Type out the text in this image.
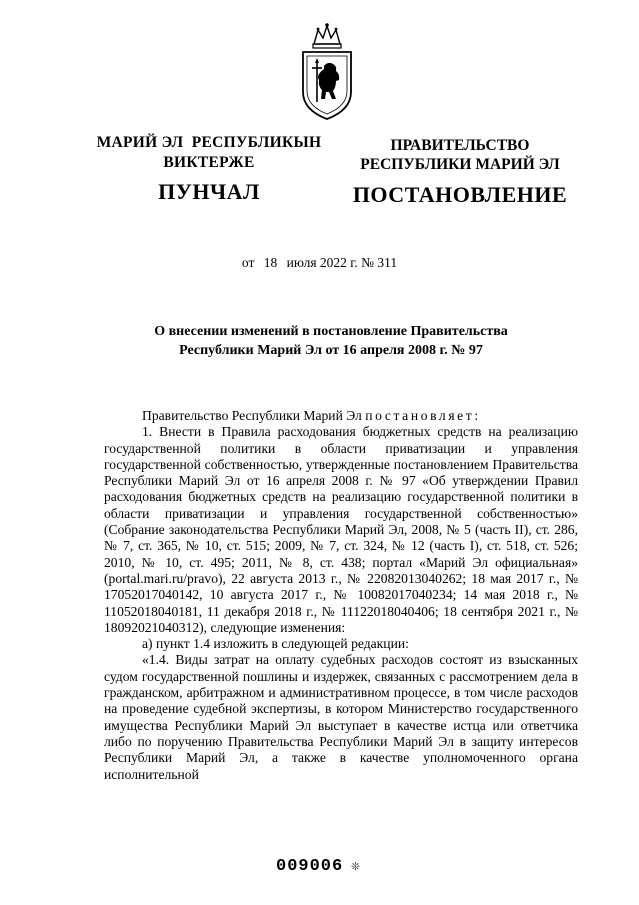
МАРИЙ ЭЛ  РЕСПУБЛИКЫН
ВИКТЕРЖЕ
ПУНЧАЛ
ПРАВИТЕЛЬСТВО
РЕСПУБЛИКИ МАРИЙ ЭЛ
ПОСТАНОВЛЕНИЕ
от 18 июля 2022 г. № 311
О внесении изменений в постановление Правительства
Республики Марий Эл от 16 апреля 2008 г. № 97

Правительство Республики Марий Эл постановляет:

1. Внести в Правила расходования бюджетных средств на реализацию государственной политики в области приватизации и управления государственной собственностью, утвержденные постановлением Правительства Республики Марий Эл от 16 апреля 2008 г. № 97 «Об утверждении Правил расходования бюджетных средств на реализацию государственной политики в области приватизации и управления государственной собственностью» (Собрание законодательства Республики Марий Эл, 2008, № 5 (часть II), ст. 286, № 7, ст. 365, № 10, ст. 515; 2009, № 7, ст. 324, № 12 (часть I), ст. 518, ст. 526; 2010, № 10, ст. 495; 2011, № 8, ст. 438; портал «Марий Эл официальная» (portal.mari.ru/pravo), 22 августа 2013 г., № 22082013040262; 18 мая 2017 г., № 17052017040142, 10 августа 2017 г., № 10082017040234; 14 мая 2018 г., № 11052018040181, 11 декабря 2018 г., № 11122018040406; 18 сентября 2021 г., № 18092021040312), следующие изменения:

а) пункт 1.4 изложить в следующей редакции:

«1.4. Виды затрат на оплату судебных расходов состоят из взысканных судом государственной пошлины и издержек, связанных с рассмотрением дела в гражданском, арбитражном и административном процессе, в том числе расходов на проведение судебной экспертизы, в котором Министерство государственного имущества Республики Марий Эл выступает в качестве истца или ответчика либо по поручению Правительства Республики Марий Эл в защиту интересов Республики Марий Эл, а также в качестве уполномоченного органа исполнительной

009006 ❊
